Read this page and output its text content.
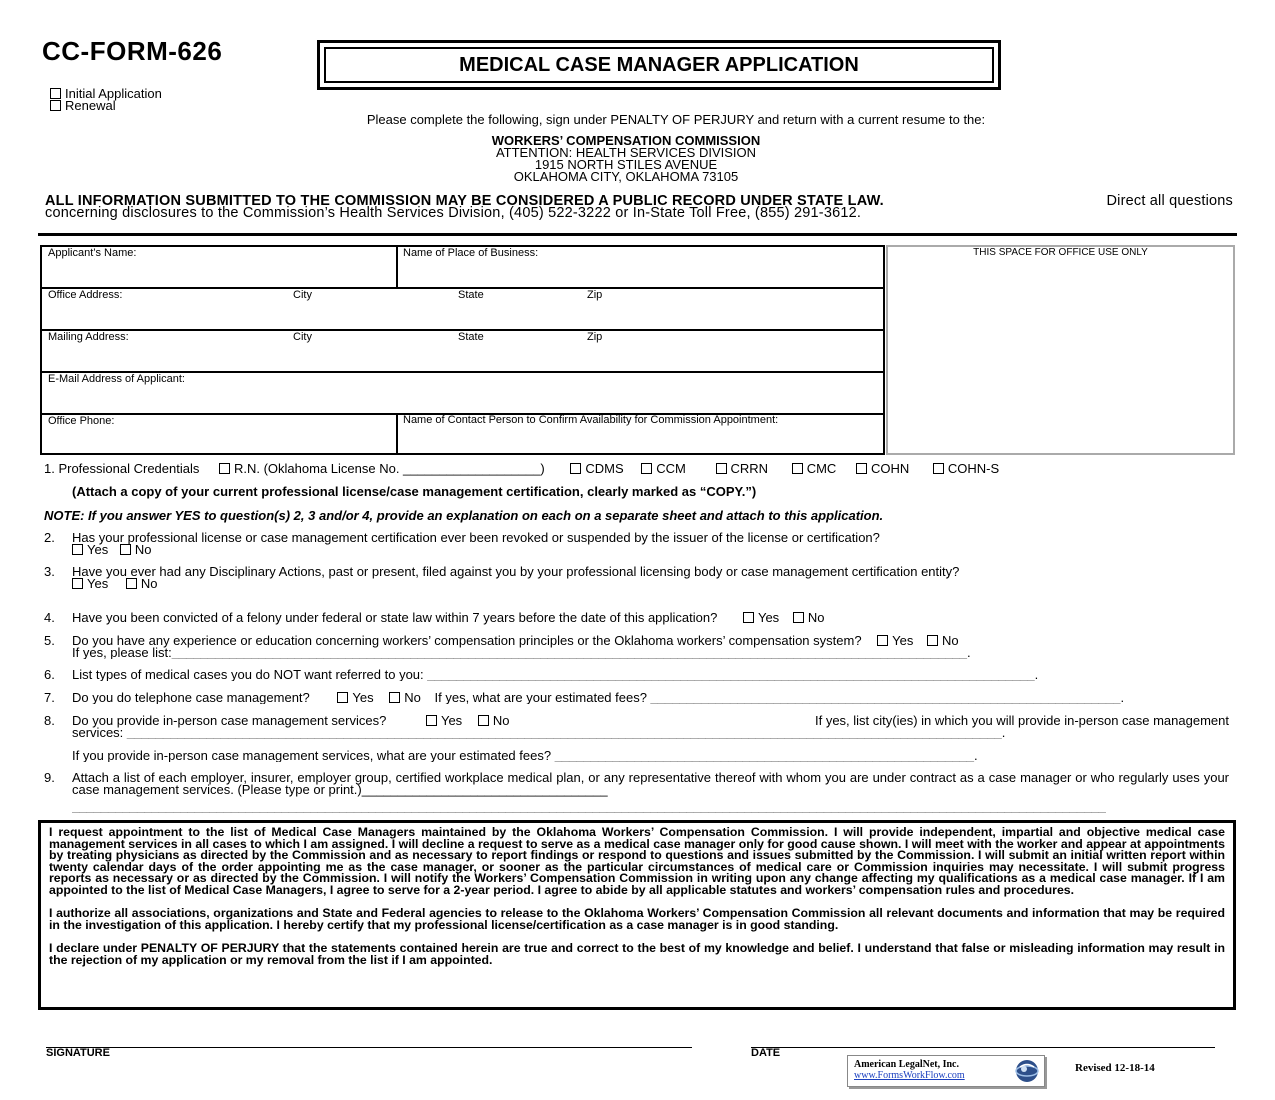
CC-FORM-626	MEDICAL CASE MANAGER APPLICATION
Initial Application
Renewal
Please complete the following, sign under PENALTY OF PERJURY and return with a current resume to the:
WORKERS’ COMPENSATION COMMISSION
ATTENTION: HEALTH SERVICES DIVISION
1915 NORTH STILES AVENUE
OKLAHOMA CITY, OKLAHOMA 73105
ALL INFORMATION SUBMITTED TO THE COMMISSION MAY BE CONSIDERED A PUBLIC RECORD UNDER STATE LAW.	Direct all questions
concerning disclosures to the Commission’s Health Services Division, (405) 522-3222 or In-State Toll Free, (855) 291-3612.
Applicant’s Name:	Name of Place of Business:
Office Address:	City	State	Zip
Mailing Address:	City	State	Zip
E-Mail Address of Applicant:
Office Phone:	Name of Contact Person to Confirm Availability for Commission Appointment:
THIS SPACE FOR OFFICE USE ONLY
1. Professional Credentials	R.N. (Oklahoma License No. ___________________)	CDMS	CCM	CRRN	CMC	COHN	COHN-S
(Attach a copy of your current professional license/case management certification, clearly marked as “COPY.”)
NOTE: If you answer YES to question(s) 2, 3 and/or 4, provide an explanation on each on a separate sheet and attach to this application.
2. Has your professional license or case management certification ever been revoked or suspended by the issuer of the license or certification?
Yes No
3. Have you ever had any Disciplinary Actions, past or present, filed against you by your professional licensing body or case management certification entity?
Yes	No
4. Have you been convicted of a felony under federal or state law within 7 years before the date of this application?	Yes No
5. Do you have any experience or education concerning workers’ compensation principles or the Oklahoma workers’ compensation system? Yes No
If yes, please list:______________________________________________________________________________________________________________.
6. List types of medical cases you do NOT want referred to you: ____________________________________________________________________________________.
7. Do you do telephone case management?	Yes No If yes, what are your estimated fees? _________________________________________________________________.
8. Do you provide in-person case management services?	Yes No	If yes, list city(ies) in which you will provide in-person case management
services: _________________________________________________________________________________________________________________________.
If you provide in-person case management services, what are your estimated fees? __________________________________________________________.
9. Attach a list of each employer, insurer, employer group, certified workplace medical plan, or any representative thereof with whom you are under contract as a case manager or who regularly uses your case management services. (Please type or print.)__________________________________
_______________________________________________________________________________________________________________________________________________

I request appointment to the list of Medical Case Managers maintained by the Oklahoma Workers’ Compensation Commission. I will provide independent, impartial and objective medical case management services in all cases to which I am assigned. I will decline a request to serve as a medical case manager only for good cause shown. I will meet with the worker and appear at appointments by treating physicians as directed by the Commission and as necessary to report findings or respond to questions and issues submitted by the Commission. I will submit an initial written report within twenty calendar days of the order appointing me as the case manager, or sooner as the particular circumstances of medical care or Commission inquiries may necessitate. I will submit progress reports as necessary or as directed by the Commission. I will notify the Workers’ Compensation Commission in writing upon any change affecting my qualifications as a medical case manager. If I am appointed to the list of Medical Case Managers, I agree to serve for a 2-year period. I agree to abide by all applicable statutes and workers’ compensation rules and procedures.

I authorize all associations, organizations and State and Federal agencies to release to the Oklahoma Workers’ Compensation Commission all relevant documents and information that may be required in the investigation of this application. I hereby certify that my professional license/certification as a case manager is in good standing.

I declare under PENALTY OF PERJURY that the statements contained herein are true and correct to the best of my knowledge and belief. I understand that false or misleading information may result in the rejection of my application or my removal from the list if I am appointed.

SIGNATURE	DATE
American LegalNet, Inc.
www.FormsWorkFlow.com
Revised 12-18-14
